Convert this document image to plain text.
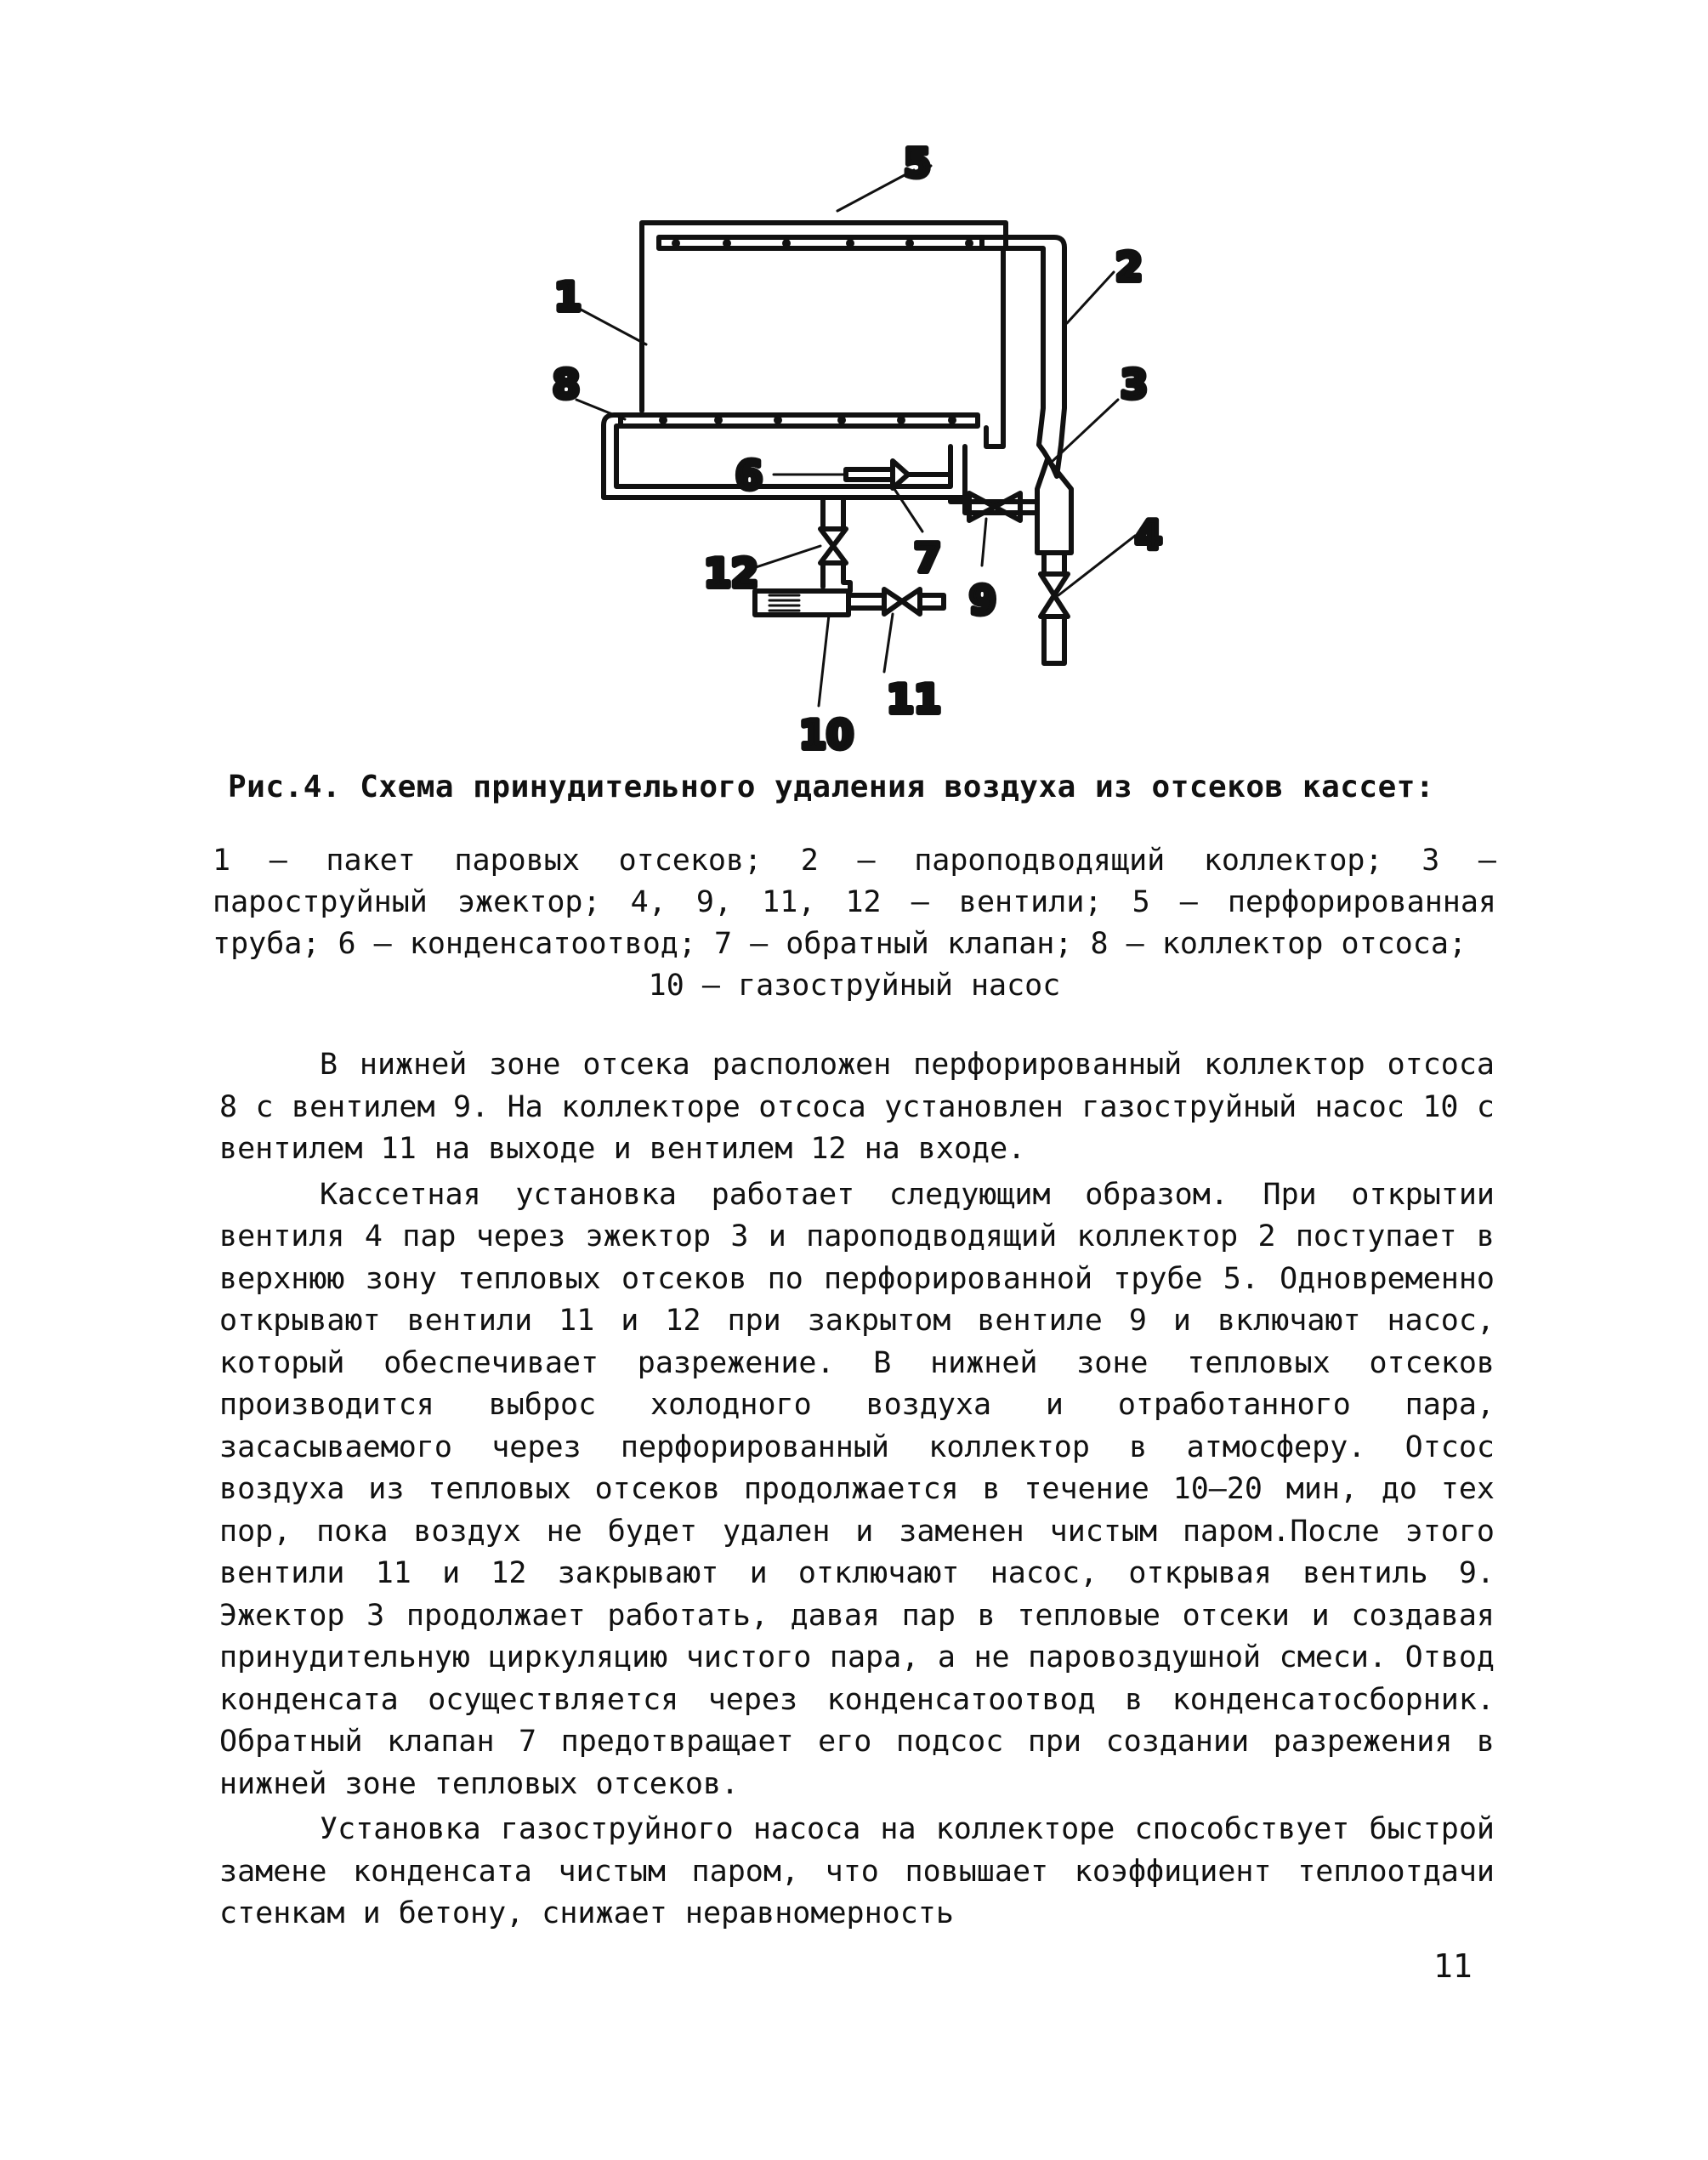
5
2
1
8	3
6
4
7
12
9
11
10
Рис.4. Схема принудительного удаления воздуха из отсеков кассет:
1 – пакет паровых отсеков; 2 – пароподводящий коллектор; 3 – пароструйный эжектор; 4, 9, 11, 12 – вентили; 5 – перфорированная труба; 6 – конденсатоотвод; 7 – обратный клапан; 8 – коллектор отсоса;
10 – газоструйный насос

В нижней зоне отсека расположен перфорированный коллектор отсоса 8 с вентилем 9. На коллекторе отсоса установлен газоструйный насос 10 с вентилем 11 на выходе и вентилем 12 на входе.

Кассетная установка работает следующим образом. При открытии вентиля 4 пар через эжектор 3 и пароподводящий коллектор 2 поступает в верхнюю зону тепловых отсеков по перфорированной трубе 5. Одновременно открывают вентили 11 и 12 при закрытом вентиле 9 и включают насос, который обеспечивает разрежение. В нижней зоне тепловых отсеков производится выброс холодного воздуха и отработанного пара, засасываемого через перфорированный коллектор в атмосферу. Отсос воздуха из тепловых отсеков продолжается в течение 10–20 мин, до тех пор, пока воздух не будет удален и заменен чистым паром.После этого вентили 11 и 12 закрывают и отключают насос, открывая вентиль 9. Эжектор 3 продолжает работать, давая пар в тепловые отсеки и создавая принудительную циркуляцию чистого пара, а не паровоздушной смеси. Отвод конденсата осуществляется через конденсатоотвод в конденсатосборник. Обратный клапан 7 предотвращает его подсос при создании разрежения в нижней зоне тепловых отсеков.

Установка газоструйного насоса на коллекторе способствует быстрой замене конденсата чистым паром, что повышает коэффициент теплоотдачи стенкам и бетону, снижает неравномерность

11
